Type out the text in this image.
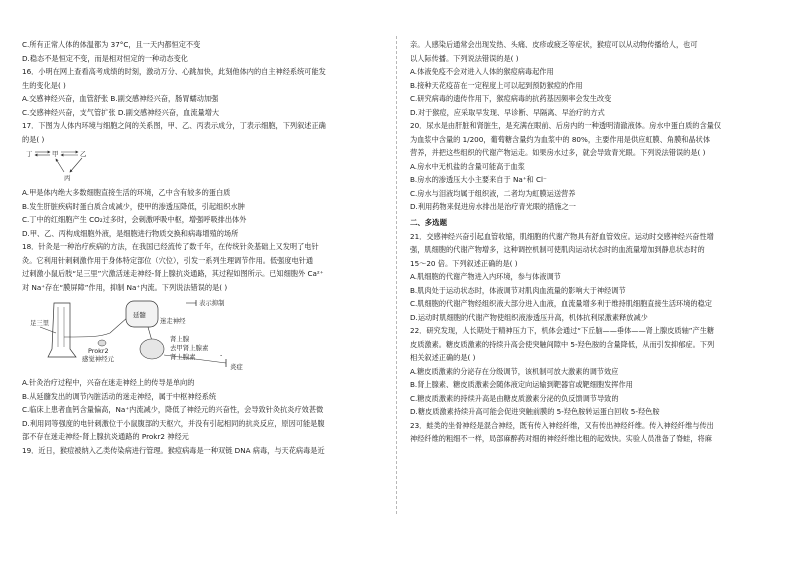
C.所有正常人体的体温都为 37°C，且一天内都恒定不变
D.稳态不是恒定不变，而是相对恒定的一种动态变化
16．小明在网上查看高考成绩的时刻，激动万分、心跳加快，此刻他体内的自主神经系统可能发
生的变化是( )
A.交感神经兴奋，血管舒张 B.副交感神经兴奋，肠胃蠕动加强
C.交感神经兴奋，支气管扩张 D.副交感神经兴奋，血流量增大
17．下图为人体内环境与细胞之间的关系图，甲、乙、丙表示成分，丁表示细胞，下列叙述正确
的是( )
丁	甲	乙
丙
A.甲是体内绝大多数细胞直接生活的环境，乙中含有较多的蛋白质
B.发生肝脏疾病时蛋白质合成减少，使甲的渗透压降低，引起组织水肿
C.丁中的红细胞产生 CO₂过多时，会刺激呼吸中枢，增强呼吸排出体外
D.甲、乙、丙构成细胞外液，是细胞进行物质交换和病毒增殖的场所
18．针灸是一种治疗疾病的方法，在我国已经流传了数千年，在传统针灸基础上又发明了电针
灸。它利用针刺刺激作用于身体特定部位（穴位），引发一系列生理调节作用。低强度电针通
过刺激小鼠后肢“足三里”穴激活迷走神经-肾上腺抗炎通路，其过程如图所示。已知细胞外 Ca²⁺
对 Na⁺存在“膜屏障”作用，抑制 Na⁺内流。下列说法错误的是( )
足三里
Prokr2
感觉神经元
延髓
表示抑制
迷走神经
肾上腺
去甲肾上腺素
肾上腺素	-
炎症
A.针灸治疗过程中，兴奋在迷走神经上的传导是单向的
B.从延髓发出的调节內脏活动的迷走神经，属于中枢神经系统
C.临床上患者血钙含量偏高，Na⁺内流减少，降低了神经元的兴奋性，会导致针灸抗炎疗效甚微
D.利用同等强度的电针刺激位于小鼠腹部的天枢穴，并没有引起相同的抗炎反应，原因可能是腹
部不存在迷走神经-肾上腺抗炎通路的 Prokr2 神经元
19．近日，猴痘被纳入乙类传染病进行管理。猴痘病毒是一种双链 DNA 病毒，与天花病毒是近
亲。人感染后通常会出现发热、头痛、皮疹或疲乏等症状，猴痘可以从动物传播给人，也可
以人际传播。下列说法错误的是( )
A.体液免疫不会对进入人体的猴痘病毒起作用
B.接种天花疫苗在一定程度上可以起到预防猴痘的作用
C.研究病毒的遗传作用下，猴痘病毒的抗药基因频率会发生改变
D.对于猴痘，应采取早发现、早诊断、早隔离、早治疗的方式
20．尿水是由肝脏和肾脏生，是充满在眼前、后房内的一种透明清澈液体。房水中蛋白质的含量仅
为血浆中含量的 1/200，葡萄糖含量约为血浆中的 80%，主要作用是供应虹膜、角膜和晶状体
营养，并把这些组织的代谢产物运走。如果房水过多，就会导致青光眼。下列说法错误的是( )
A.房水中无机盐的含量可能高于血浆
B.房水的渗透压大小主要来自于 Na⁺和 Cl⁻
C.房水与泪液均属于组织液，二者均为虹膜运送营养
D.利用药物来促进房水排出是治疗青光眼的措施之一
二、多选题
21．交感神经兴奋引起血管收缩，肌细胞的代谢产物具有舒血管效应。运动时交感神经兴奋性增
强，肌细胞的代谢产物增多，这种调控机制可使肌肉运动状态时的血流量增加到静息状态时的
15～20 倍。下列叙述正确的是( )
A.肌细胞的代谢产物进入内环境，参与体液调节
B.肌肉处于运动状态时，体液调节对肌肉血流量的影响大于神经调节
C.肌细胞的代谢产物经组织液大部分进入血液，血流量增多利于维持肌细胞直接生活环境的稳定
D.运动时肌细胞的代谢产物使组织液渗透压升高，机体抗利尿激素释放减少
22．研究发现，人长期处于精神压力下，机体会通过“下丘脑——垂体——肾上腺皮质轴”产生糖
皮质激素。糖皮质激素的持续升高会使突触间隙中 5-羟色胺的含量降低，从而引发抑郁症。下列
相关叙述正确的是( )
A.糖皮质激素的分泌存在分级调节，该机制可放大激素的调节效应
B.肾上腺素、糖皮质激素会随体液定向运输到靶器官或靶细胞发挥作用
C.糖皮质激素的持续升高是由糖皮质激素分泌的负反馈调节导致的
D.糖皮质激素持续升高可能会促进突触前膜的 5-羟色胺转运蛋白回收 5-羟色胺
23．蛙类的坐骨神经是混合神经，既有传入神经纤维，又有传出神经纤维。传入神经纤维与传出
神经纤维的粗细不一样，局部麻醉药对细的神经纤维比粗的起效快。实验人员准备了脊蛙，将麻
